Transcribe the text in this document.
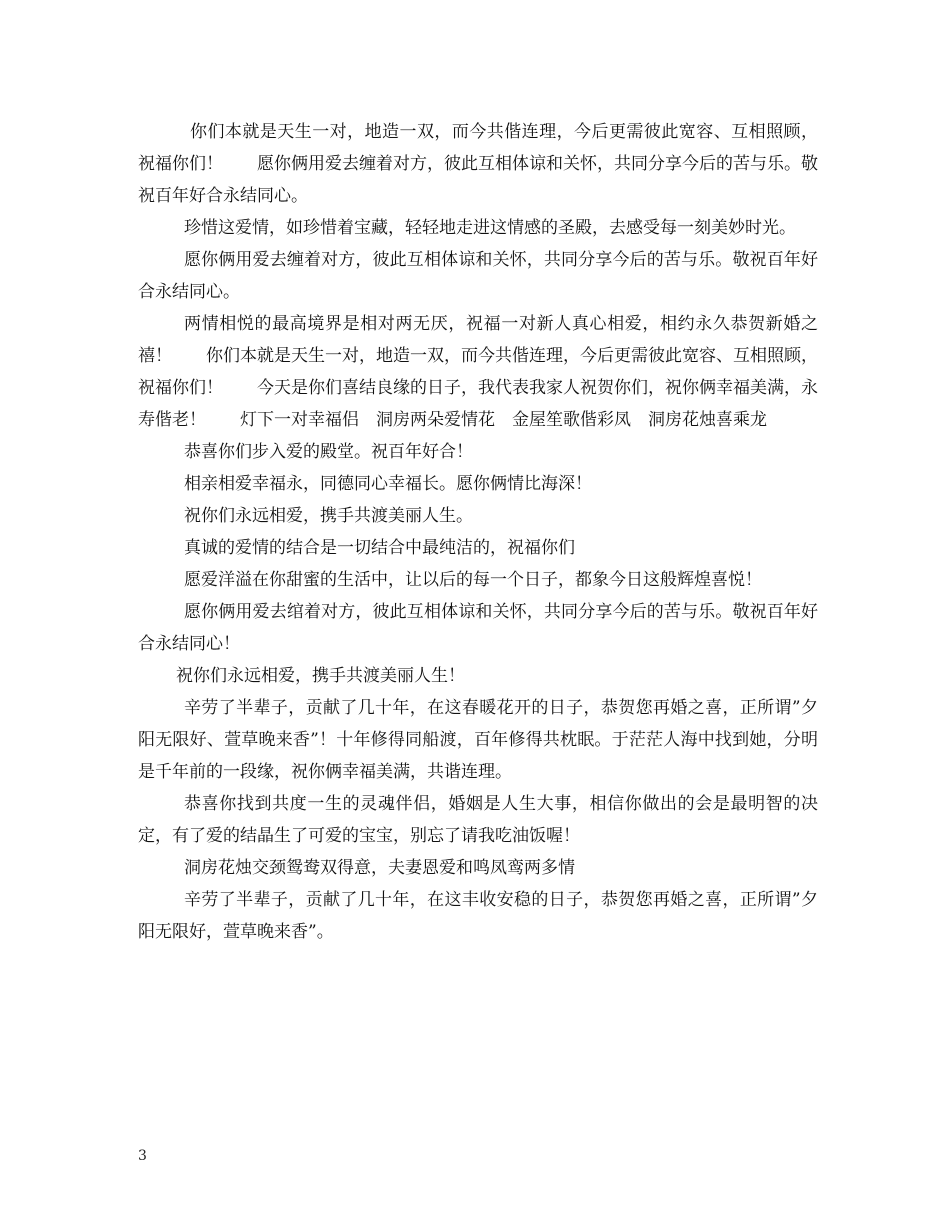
你们本就是天生一对，地造一双，而今共偕连理，今后更需彼此宽容、互相照顾，祝福你们！　　愿你俩用爱去缠着对方，彼此互相体谅和关怀，共同分享今后的苦与乐。敬祝百年好合永结同心。

珍惜这爱情，如珍惜着宝藏，轻轻地走进这情感的圣殿，去感受每一刻美妙时光。

愿你俩用爱去缠着对方，彼此互相体谅和关怀，共同分享今后的苦与乐。敬祝百年好合永结同心。

两情相悦的最高境界是相对两无厌，祝福一对新人真心相爱，相约永久恭贺新婚之禧！　　你们本就是天生一对，地造一双，而今共偕连理，今后更需彼此宽容、互相照顾，祝福你们！　　今天是你们喜结良缘的日子，我代表我家人祝贺你们，祝你俩幸福美满，永寿偕老！　　灯下一对幸福侣　洞房两朵爱情花　金屋笙歌偕彩凤　洞房花烛喜乘龙

恭喜你们步入爱的殿堂。祝百年好合！

相亲相爱幸福永，同德同心幸福长。愿你俩情比海深！

祝你们永远相爱，携手共渡美丽人生。

真诚的爱情的结合是一切结合中最纯洁的，祝福你们

愿爱洋溢在你甜蜜的生活中，让以后的每一个日子，都象今日这般辉煌喜悦！

愿你俩用爱去绾着对方，彼此互相体谅和关怀，共同分享今后的苦与乐。敬祝百年好合永结同心！

祝你们永远相爱，携手共渡美丽人生！

辛劳了半辈子，贡献了几十年，在这春暖花开的日子，恭贺您再婚之喜，正所谓”夕阳无限好、萱草晚来香”！十年修得同船渡，百年修得共枕眠。于茫茫人海中找到她，分明是千年前的一段缘，祝你俩幸福美满，共谐连理。

恭喜你找到共度一生的灵魂伴侣，婚姻是人生大事，相信你做出的会是最明智的决定，有了爱的结晶生了可爱的宝宝，别忘了请我吃油饭喔！

洞房花烛交颈鸳鸯双得意，夫妻恩爱和鸣凤鸾两多情

辛劳了半辈子，贡献了几十年，在这丰收安稳的日子，恭贺您再婚之喜，正所谓”夕阳无限好，萱草晚来香”。

3
